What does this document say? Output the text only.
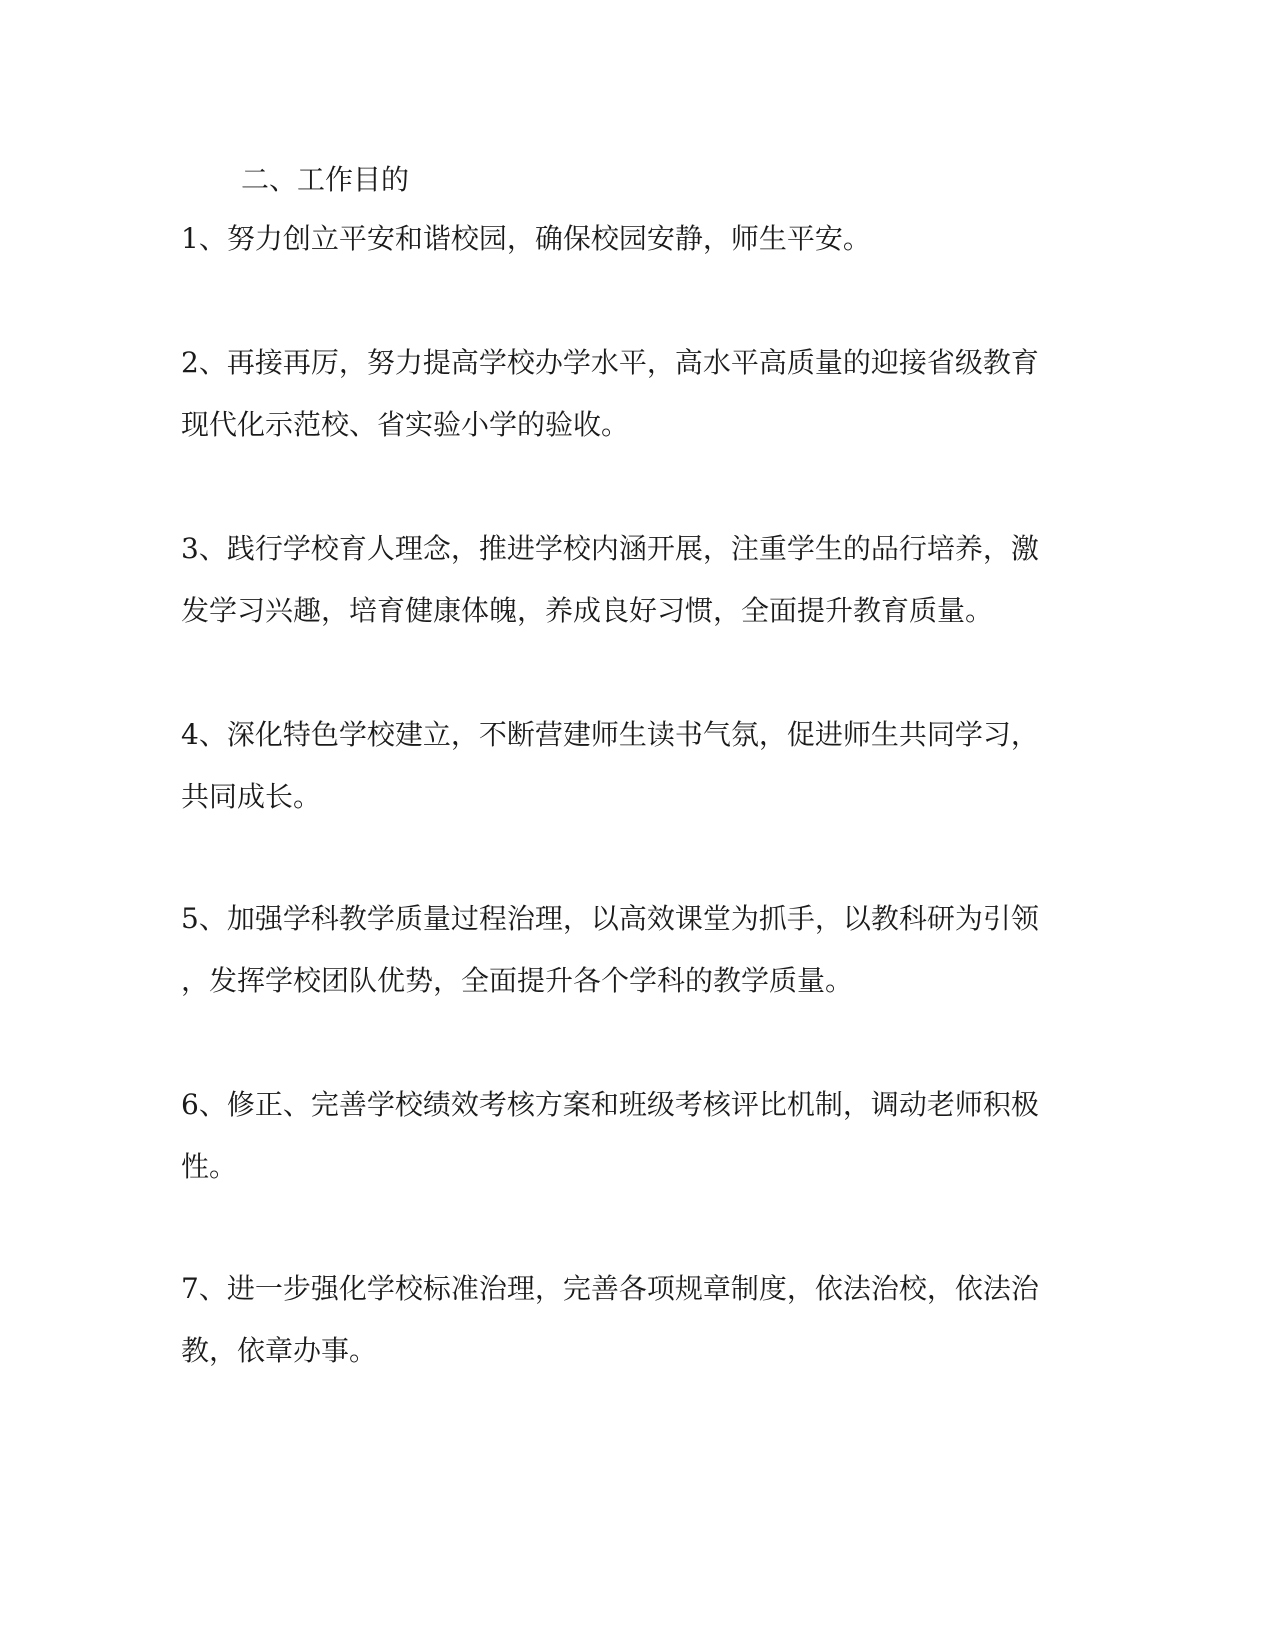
二、工作目的
1、努力创立平安和谐校园，确保校园安静，师生平安。
2、再接再厉，努力提高学校办学水平，高水平高质量的迎接省级教育
现代化示范校、省实验小学的验收。
3、践行学校育人理念，推进学校内涵开展，注重学生的品行培养，激
发学习兴趣，培育健康体魄，养成良好习惯，全面提升教育质量。
4、深化特色学校建立，不断营建师生读书气氛，促进师生共同学习，
共同成长。
5、加强学科教学质量过程治理，以高效课堂为抓手，以教科研为引领
，发挥学校团队优势，全面提升各个学科的教学质量。
6、修正、完善学校绩效考核方案和班级考核评比机制，调动老师积极
性。
7、进一步强化学校标准治理，完善各项规章制度，依法治校，依法治
教，依章办事。
